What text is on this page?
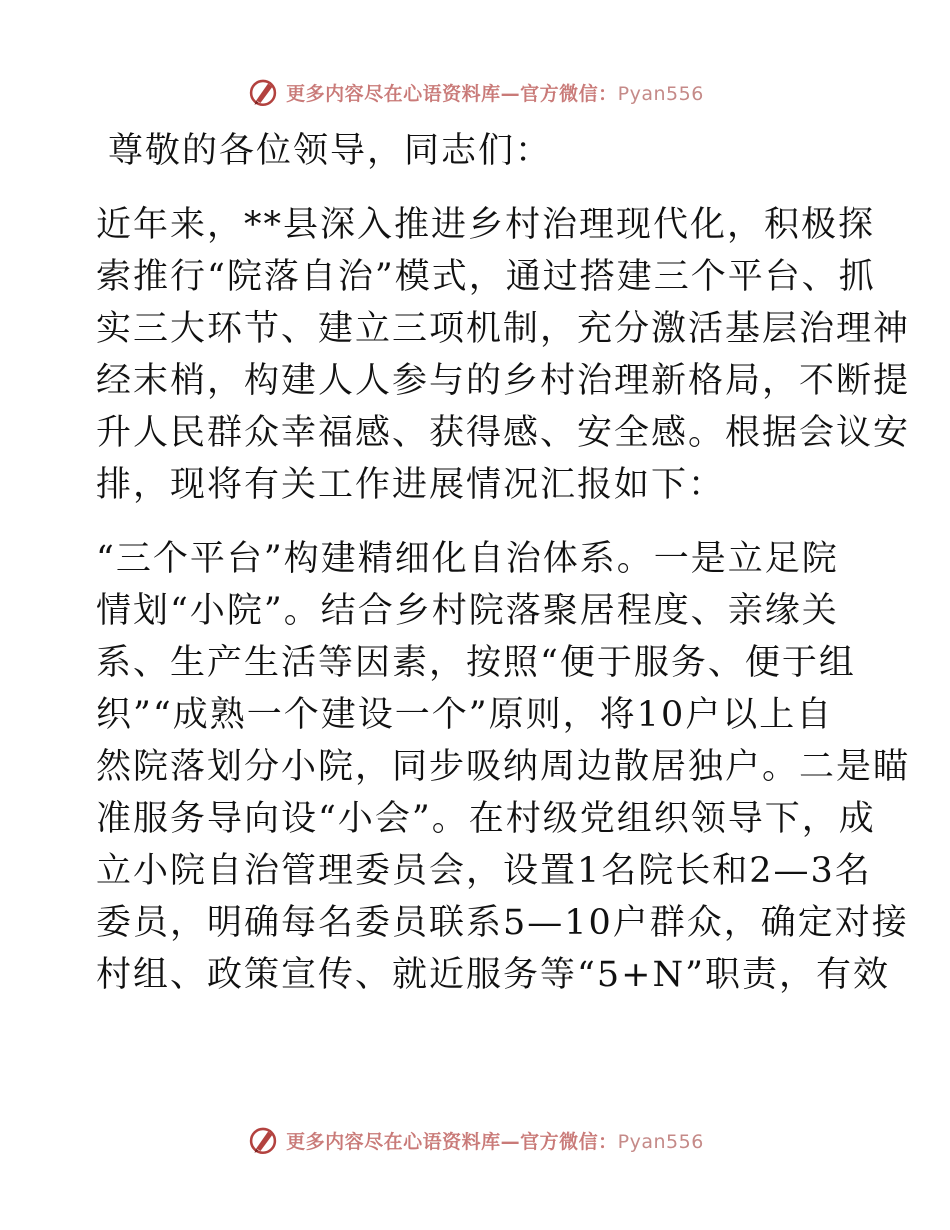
更多内容尽在心语资料库—官方微信：Pyan556

尊敬的各位领导，同志们：

近年来，**县深入推进乡村治理现代化，积极探
索推行“院落自治”模式，通过搭建三个平台、抓
实三大环节、建立三项机制，充分激活基层治理神
经末梢，构建人人参与的乡村治理新格局，不断提
升人民群众幸福感、获得感、安全感。根据会议安
排，现将有关工作进展情况汇报如下：

“三个平台”构建精细化自治体系。一是立足院
情划“小院”。结合乡村院落聚居程度、亲缘关
系、生产生活等因素，按照“便于服务、便于组
织”“成熟一个建设一个”原则，将10户以上自
然院落划分小院，同步吸纳周边散居独户。二是瞄
准服务导向设“小会”。在村级党组织领导下，成
立小院自治管理委员会，设置1名院长和2—3名
委员，明确每名委员联系5—10户群众，确定对接
村组、政策宣传、就近服务等“5+N”职责，有效

更多内容尽在心语资料库—官方微信：Pyan556
